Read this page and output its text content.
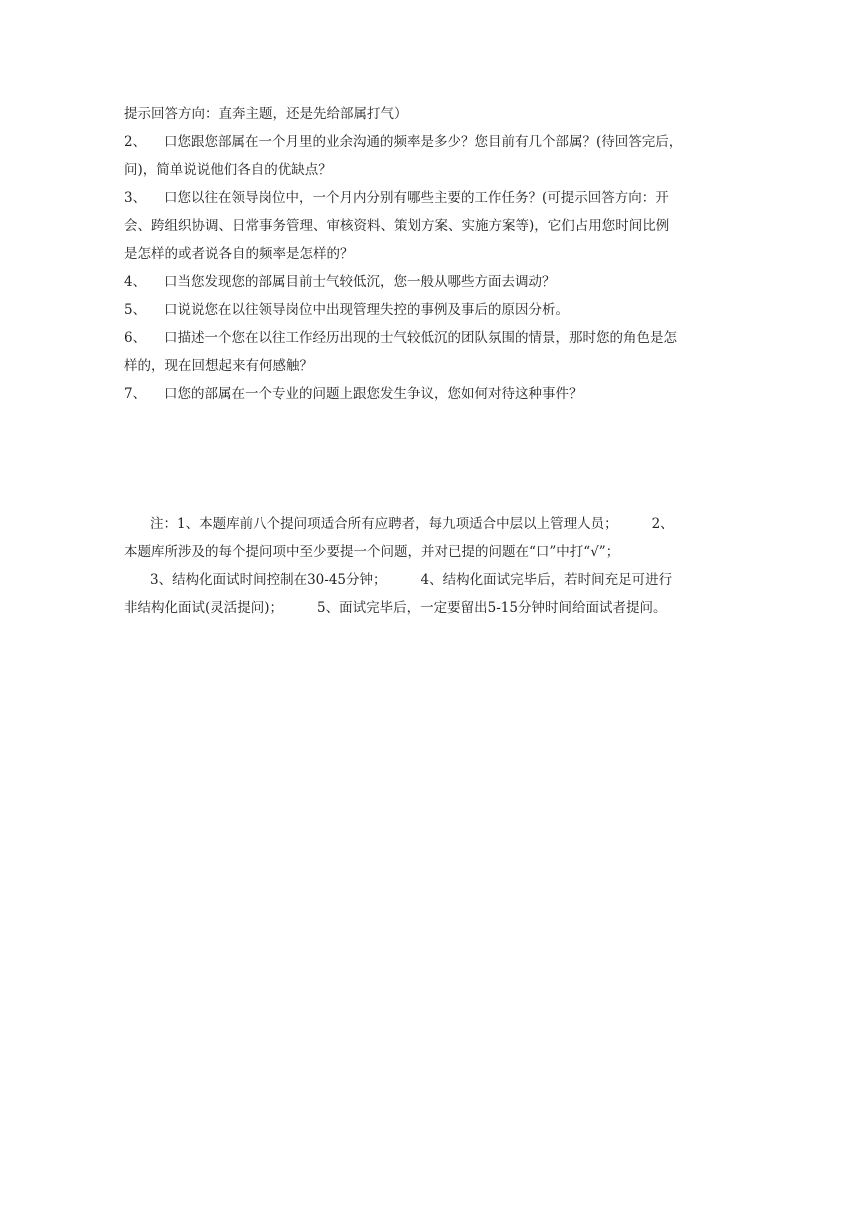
提示回答方向：直奔主题，还是先给部属打气）
2、 口您跟您部属在一个月里的业余沟通的频率是多少？您目前有几个部属？(待回答完后，
问)，简单说说他们各自的优缺点？
3、 口您以往在领导岗位中，一个月内分别有哪些主要的工作任务？(可提示回答方向：开
会、跨组织协调、日常事务管理、审核资料、策划方案、实施方案等)，它们占用您时间比例
是怎样的或者说各自的频率是怎样的？
4、 口当您发现您的部属目前士气较低沉，您一般从哪些方面去调动？
5、 口说说您在以往领导岗位中出现管理失控的事例及事后的原因分析。
6、 口描述一个您在以往工作经历出现的士气较低沉的团队氛围的情景，那时您的角色是怎
样的，现在回想起来有何感触？
7、 口您的部属在一个专业的问题上跟您发生争议，您如何对待这种事件？
注：1、本题库前八个提问项适合所有应聘者，每九项适合中层以上管理人员；	2、
本题库所涉及的每个提问项中至少要提一个问题，并对已提的问题在“口”中打“√”；
3、结构化面试时间控制在30-45分钟；	4、结构化面试完毕后，若时间充足可进行
非结构化面试(灵活提问)；	5、面试完毕后，一定要留出5-15分钟时间给面试者提问。
